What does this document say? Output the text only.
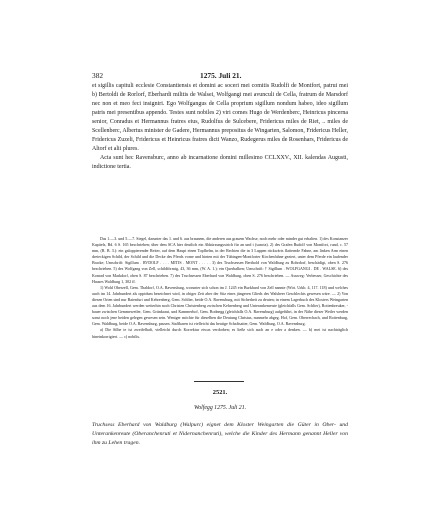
382	1275. Juli 21.

et sigillis capituli ecclesie Constantiensis et domini ac soceri mei comitis Rudolfi de Montfort, patrui mei b) Bertoldi de Rorlorf, Eberhardi militis de Walsei, Wolfgangi mei avunculi de Cella, fratrum de Marsdorf nec non et meo feci insigniri. Ego Wolfgangus de Cella proprium sigillum nondum habeo, ideo sigillum patris mei presentibus appendo. Testes sunt nobiles 2) viri comes Hugo de Werdenberc, Heinricus pincerna senior, Conradus et Hermannus fratres eius, Rudolfus de Sulcebere, Fridericus miles de Riet, .. miles de Scellenberc, Albertus minister de Gadere, Hermannus prepositus de Wingarten, Salomon, Fridericus Heller, Fridericus Zuzeli, Fridericus et Heinricus fratres dicti Wanzo, Rudegerus miles de Rosenhars, Fridericus de Altorf et alii plures.

Acta sunt hec Ravensburc, anno ab incarnatione domini millesimo CCLXXV., XII. kalendas Augusti, indictione tertia.

Das 1.—3. und 5.—7. Siegel, darunter das 1. und 6. aus braunem, die anderen aus grauem Wachse, noch mehr oder minder gut erhalten. 1) des Konstanzer Kapitels, Bd. 6 S. 165 beschrieben; über dem SCA hier deutlich ein Abkürzungsstrich für an und t (sancta). 2) des Grafen Rudolf von Montfort, rund, c. 57 mm, (R. B. 3.): ein galoppierender Reiter, auf dem Haupt einen Topfhelm, in der Rechten die in 3 Lappen rückwärts flatternde Fahne, am linken Arm einen dreieckigen Schild, der Schild und die Decke des Pferds vorne und hinten mit der Tübingen-Montforter Kirchenfahne geziert, unter dem Pferde ein laufender Bracke; Umschrift: Sigillum . RVDOLF . . . . MITIS . MONT . . . . . 3) des Truchsessen Berthold von Waldburg zu Rohrdorf, beschädigt, oben S. 276 beschrieben. 5) des Wolfgang von Zell, schildförmig, 43, 36 mm, (W. A. 1.): ein Querbalken; Umschrift: † Sigillum . WOLFGANGI . DE . WALSE. 6) des Konrad von Markdorf, oben S. 87 beschrieben. 7) des Truchsessen Eberhard von Waldburg, oben S. 276 beschrieben. — Ausweg: Verbesser, Geschichte des Hauses Waldburg 1, 302 ff.

1) Wohl Oberzell, Gem. Thaldorf, O.A. Ravensburg, worunter sich schon im J. 1245 ein Burkhard von Zell nannte (Wirt. Urkb. 4, 117. 118) und welches auch im 14. Jahrhundert als oppidum bezeichnet wird, in obiger Zeit aber der Sitz eines jüngeren Glieds des Walsheer Geschlechts gewesen wäre. — 2) Von diesen Orten sind nur Baienfurt und Kehrenberg, Gem. Schlier, beide O.A. Ravensburg, mit Sicherheit zu deuten; in einem Lagerbuch des Klosters Weingarten aus dem 16. Jahrhundert werden weiterhin noch Christen Christenberg zwischen Kehrenberg und Unterankenreute (gleichfalls Gem. Schlier), Rottenbreuker, -bauer zwischen Gemmeweiler, Gem. Grünkraut, und Kammerhof, Gem. Bodnegg (gleichfalls O.A. Ravensburg) aufgeführt, in der Nähe dieser Weiler werden sonst noch jene beiden gelegen gewesen sein. Weniger möchte für dieselben die Deutung Christus, nunmehr abgeg. Hof, Gem. Oberrechach, und Rottenburg, Gem. Waldburg, beide O.A. Ravensburg, passen. Staffkaren ist vielleicht das heutige Schaftsaiter, Gem. Waldburg, O.A. Ravensburg.

a) Die Silbe te ist zweifelhaft, vielleicht durch Korrektur etwas verdorben; es ließe sich auch an e oder a denken. — b) mei ist nachträglich hineinkorrigiert. — c) nobilis.

2521.
Wolfegg 1275. Juli 21.
Truchsess Eberhard von Waldburg (Walpurc) eignet dem Kloster Weingarten die Güter in Ober- und Unterankenreute (Oberanchenruti et Nidernanchenruti), welche die Kinder des Hermann genannt Heller von ihm zu Lehen tragen.
